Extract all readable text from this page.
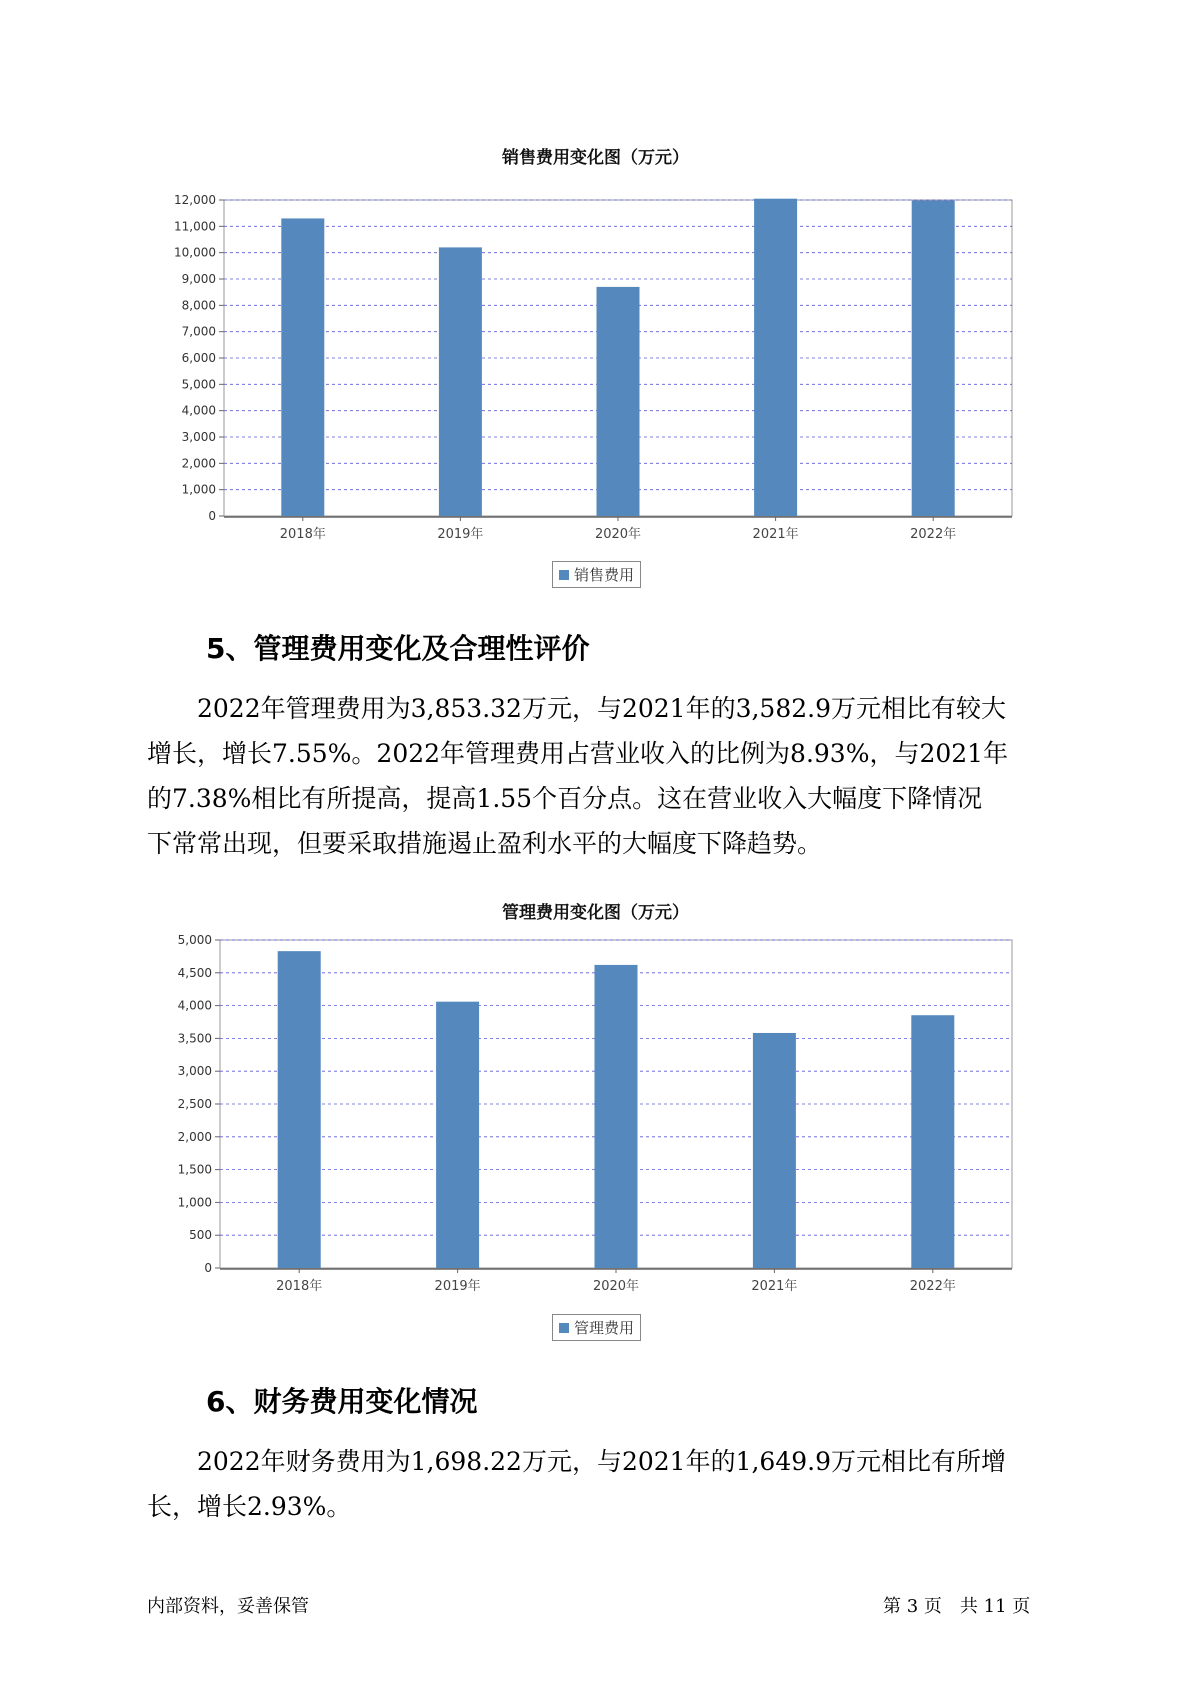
销售费用变化图（万元）
0
1,000
2,000
3,000
4,000
5,000
6,000
7,000
8,000
9,000
10,000
11,000
12,000
2018年	2019年	2020年	2021年	2022年
销售费用
5、管理费用变化及合理性评价
　　2022年管理费用为3,853.32万元，与2021年的3,582.9万元相比有较大
增长，增长7.55%。2022年管理费用占营业收入的比例为8.93%，与2021年
的7.38%相比有所提高，提高1.55个百分点。这在营业收入大幅度下降情况
下常常出现，但要采取措施遏止盈利水平的大幅度下降趋势。
管理费用变化图（万元）
0
500
1,000
1,500
2,000
2,500
3,000
3,500
4,000
4,500
5,000
2018年	2019年	2020年	2021年	2022年
管理费用
6、财务费用变化情况
　　2022年财务费用为1,698.22万元，与2021年的1,649.9万元相比有所增
长，增长2.93%。
内部资料，妥善保管	第 3 页　共 11 页
